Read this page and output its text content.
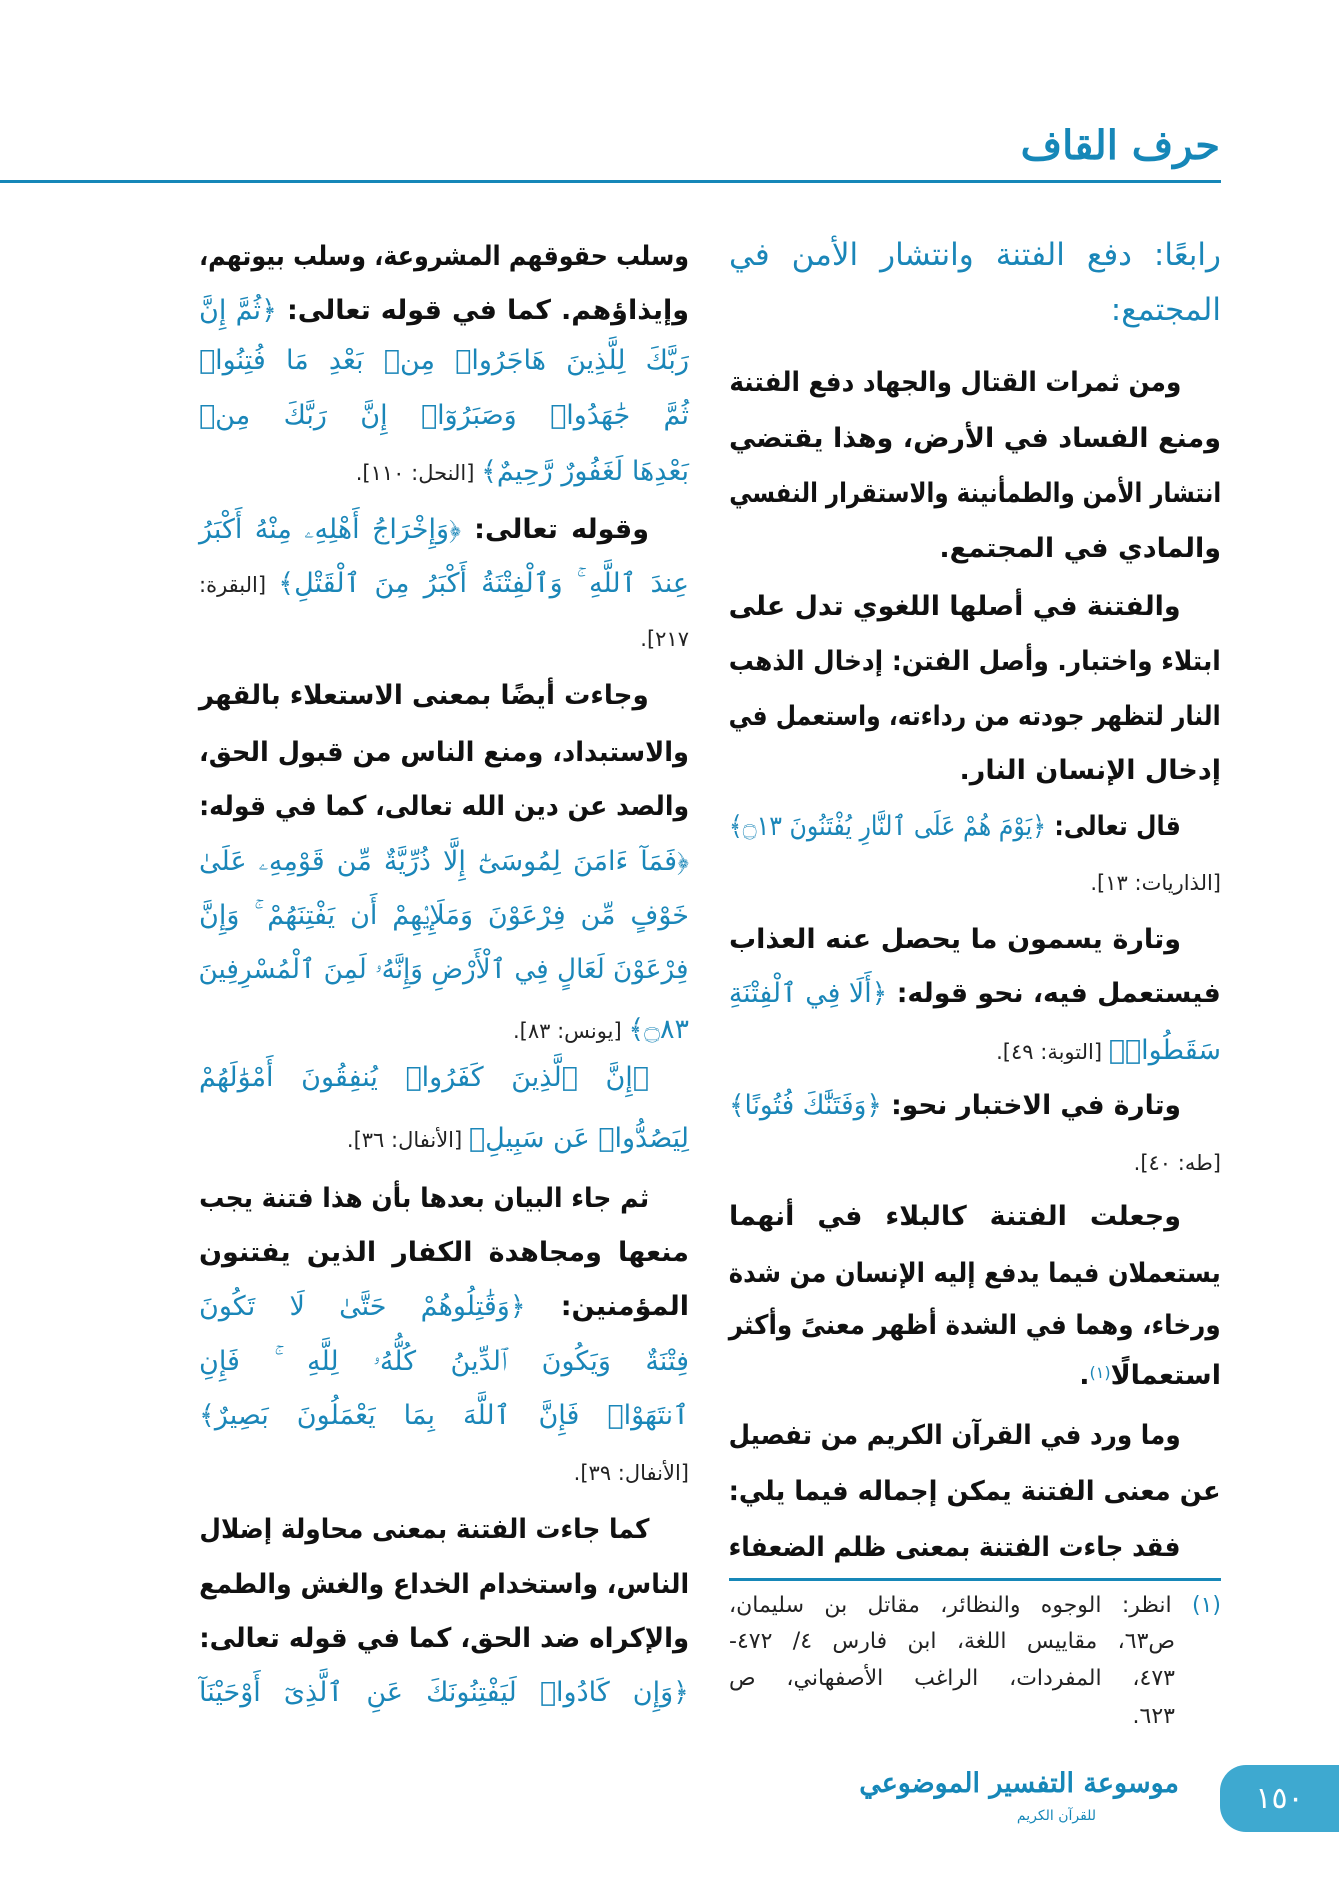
حرف القاف
رابعًا: دفع الفتنة وانتشار الأمن في
المجتمع:
ومن ثمرات القتال والجهاد دفع الفتنة
ومنع الفساد في الأرض، وهذا يقتضي
انتشار الأمن والطمأنينة والاستقرار النفسي
والمادي في المجتمع.
والفتنة في أصلها اللغوي تدل على
ابتلاء واختبار. وأصل الفتن: إدخال الذهب
النار لتظهر جودته من رداءته، واستعمل في
إدخال الإنسان النار.
قال تعالى: ﴿يَوْمَ هُمْ عَلَى ٱلنَّارِ يُفْتَنُونَ ۝١٣﴾
[الذاريات: ١٣].
وتارة يسمون ما يحصل عنه العذاب
فيستعمل فيه، نحو قوله: ﴿أَلَا فِي ٱلْفِتْنَةِ
سَقَطُوا۟﴾ [التوبة: ٤٩].
وتارة في الاختبار نحو: ﴿وَفَتَنَّٰكَ فُتُونًا﴾
[طه: ٤٠].
وجعلت الفتنة كالبلاء في أنهما
يستعملان فيما يدفع إليه الإنسان من شدة
ورخاء، وهما في الشدة أظهر معنىً وأكثر
استعمالًا(١).
وما ورد في القرآن الكريم من تفصيل
عن معنى الفتنة يمكن إجماله فيما يلي:
فقد جاءت الفتنة بمعنى ظلم الضعفاء
(١) انظر: الوجوه والنظائر، مقاتل بن سليمان،
ص٦٣، مقاييس اللغة، ابن فارس ٤/ ٤٧٢-
٤٧٣، المفردات، الراغب الأصفهاني، ص
٦٢٣.
وسلب حقوقهم المشروعة، وسلب بيوتهم،
وإيذاؤهم. كما في قوله تعالى: ﴿ثُمَّ إِنَّ
رَبَّكَ لِلَّذِينَ هَاجَرُوا۟ مِنۢ بَعْدِ مَا فُتِنُوا۟
ثُمَّ جَٰهَدُوا۟ وَصَبَرُوٓا۟ إِنَّ رَبَّكَ مِنۢ
بَعْدِهَا لَغَفُورٌ رَّحِيمٌ﴾ [النحل: ١١٠].
وقوله تعالى: ﴿وَإِخْرَاجُ أَهْلِهِۦ مِنْهُ أَكْبَرُ
عِندَ ٱللَّهِ ۚ وَٱلْفِتْنَةُ أَكْبَرُ مِنَ ٱلْقَتْلِ﴾ [البقرة:
٢١٧].
وجاءت أيضًا بمعنى الاستعلاء بالقهر
والاستبداد، ومنع الناس من قبول الحق،
والصد عن دين الله تعالى، كما في قوله:
﴿فَمَآ ءَامَنَ لِمُوسَىٰٓ إِلَّا ذُرِّيَّةٌ مِّن قَوْمِهِۦ عَلَىٰ
خَوْفٍ مِّن فِرْعَوْنَ وَمَلَإِي۟هِمْ أَن يَفْتِنَهُمْ ۚ وَإِنَّ
فِرْعَوْنَ لَعَالٍ فِي ٱلْأَرْضِ وَإِنَّهُۥ لَمِنَ ٱلْمُسْرِفِينَ
۝٨٣﴾ [يونس: ٨٣].
﴿إِنَّ ٱلَّذِينَ كَفَرُوا۟ يُنفِقُونَ أَمْوَٰلَهُمْ
لِيَصُدُّوا۟ عَن سَبِيلِ﴾ [الأنفال: ٣٦].
ثم جاء البيان بعدها بأن هذا فتنة يجب
منعها ومجاهدة الكفار الذين يفتنون
المؤمنين: ﴿وَقَٰتِلُوهُمْ حَتَّىٰ لَا تَكُونَ
فِتْنَةٌ وَيَكُونَ ٱلدِّينُ كُلُّهُۥ لِلَّهِ ۚ فَإِنِ
ٱنتَهَوْا۟ فَإِنَّ ٱللَّهَ بِمَا يَعْمَلُونَ بَصِيرٌ﴾
[الأنفال: ٣٩].
كما جاءت الفتنة بمعنى محاولة إضلال
الناس، واستخدام الخداع والغش والطمع
والإكراه ضد الحق، كما في قوله تعالى:
﴿وَإِن كَادُوا۟ لَيَفْتِنُونَكَ عَنِ ٱلَّذِىٓ أَوْحَيْنَآ
موسوعة التفسير الموضوعي
للقرآن الكريم	١٥٠
